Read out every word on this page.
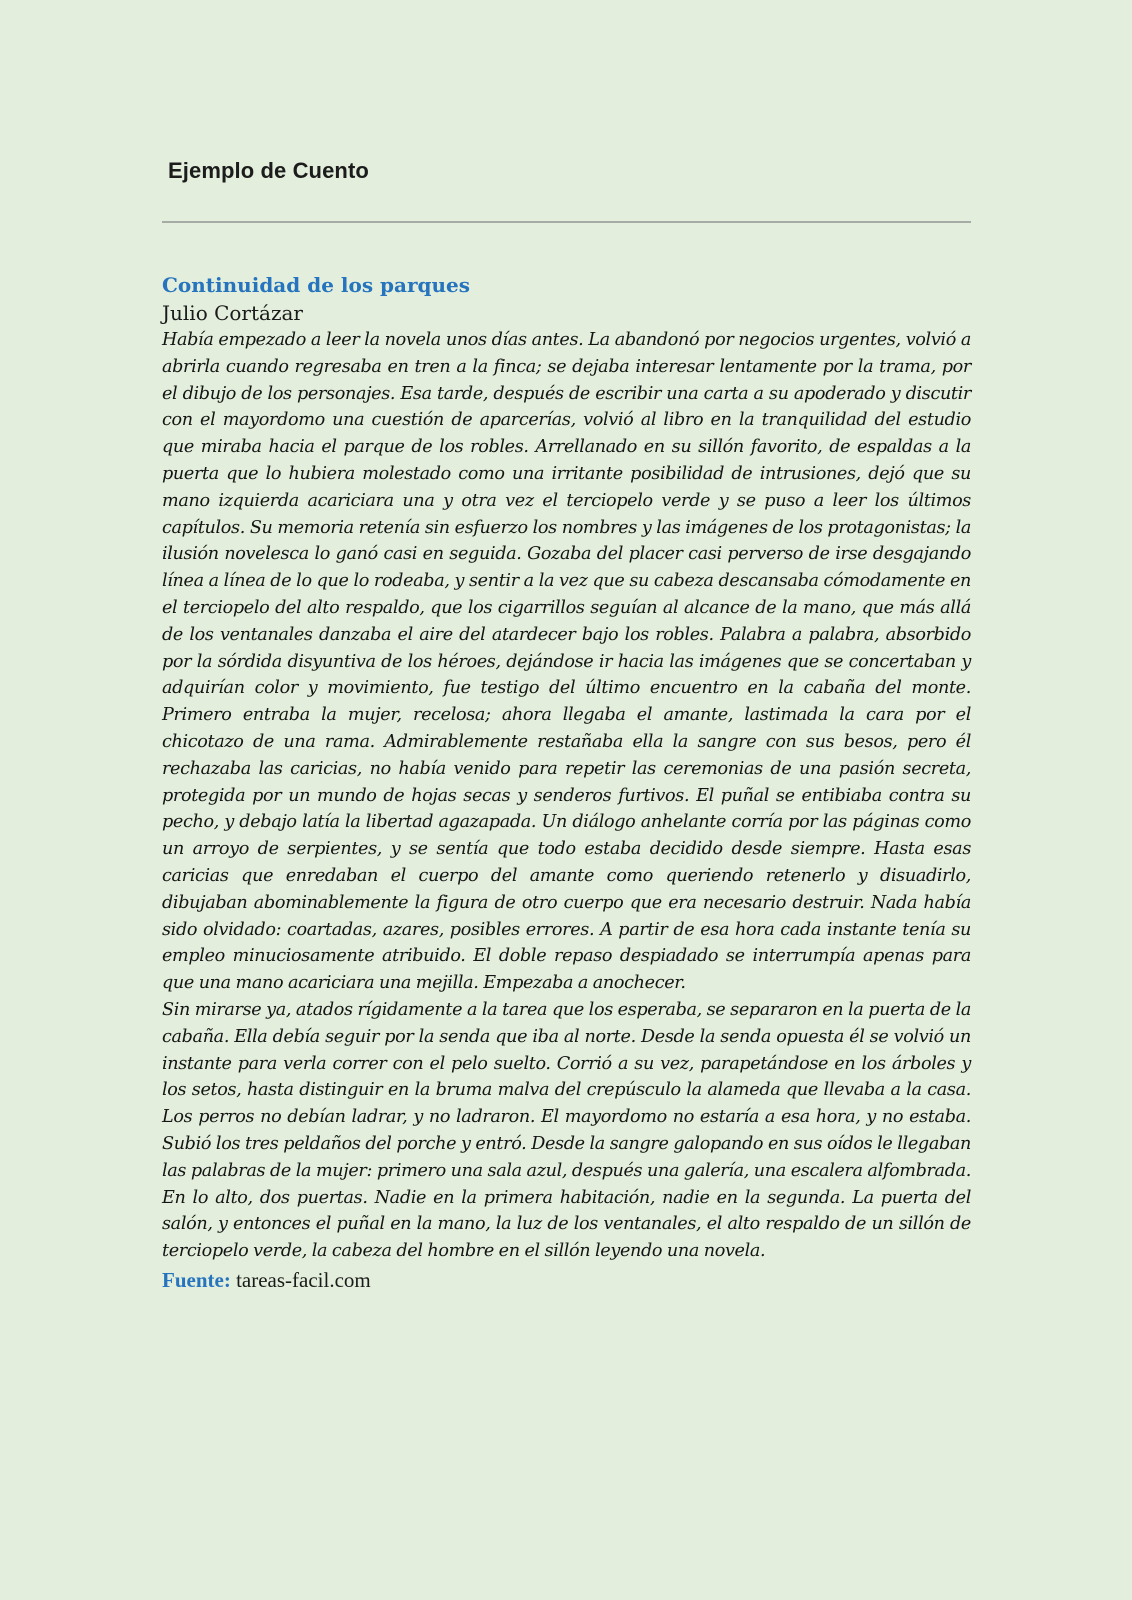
Ejemplo de Cuento
Continuidad de los parques

Julio Cortázar

Había empezado a leer la novela unos días antes. La abandonó por negocios urgentes, volvió a abrirla cuando regresaba en tren a la finca; se dejaba interesar lentamente por la trama, por el dibujo de los personajes. Esa tarde, después de escribir una carta a su apoderado y discutir con el mayordomo una cuestión de aparcerías, volvió al libro en la tranquilidad del estudio que miraba hacia el parque de los robles. Arrellanado en su sillón favorito, de espaldas a la puerta que lo hubiera molestado como una irritante posibilidad de intrusiones, dejó que su mano izquierda acariciara una y otra vez el terciopelo verde y se puso a leer los últimos capítulos. Su memoria retenía sin esfuerzo los nombres y las imágenes de los protagonistas; la ilusión novelesca lo ganó casi en seguida. Gozaba del placer casi perverso de irse desgajando línea a línea de lo que lo rodeaba, y sentir a la vez que su cabeza descansaba cómodamente en el terciopelo del alto respaldo, que los cigarrillos seguían al alcance de la mano, que más allá de los ventanales danzaba el aire del atardecer bajo los robles. Palabra a palabra, absorbido por la sórdida disyuntiva de los héroes, dejándose ir hacia las imágenes que se concertaban y adquirían color y movimiento, fue testigo del último encuentro en la cabaña del monte. Primero entraba la mujer, recelosa; ahora llegaba el amante, lastimada la cara por el chicotazo de una rama. Admirablemente restañaba ella la sangre con sus besos, pero él rechazaba las caricias, no había venido para repetir las ceremonias de una pasión secreta, protegida por un mundo de hojas secas y senderos furtivos. El puñal se entibiaba contra su pecho, y debajo latía la libertad agazapada. Un diálogo anhelante corría por las páginas como un arroyo de serpientes, y se sentía que todo estaba decidido desde siempre. Hasta esas caricias que enredaban el cuerpo del amante como queriendo retenerlo y disuadirlo, dibujaban abominablemente la figura de otro cuerpo que era necesario destruir. Nada había sido olvidado: coartadas, azares, posibles errores. A partir de esa hora cada instante tenía su empleo minuciosamente atribuido. El doble repaso despiadado se interrumpía apenas para que una mano acariciara una mejilla. Empezaba a anochecer.

Sin mirarse ya, atados rígidamente a la tarea que los esperaba, se separaron en la puerta de la cabaña. Ella debía seguir por la senda que iba al norte. Desde la senda opuesta él se volvió un instante para verla correr con el pelo suelto. Corrió a su vez, parapetándose en los árboles y los setos, hasta distinguir en la bruma malva del crepúsculo la alameda que llevaba a la casa. Los perros no debían ladrar, y no ladraron. El mayordomo no estaría a esa hora, y no estaba. Subió los tres peldaños del porche y entró. Desde la sangre galopando en sus oídos le llegaban las palabras de la mujer: primero una sala azul, después una galería, una escalera alfombrada. En lo alto, dos puertas. Nadie en la primera habitación, nadie en la segunda. La puerta del salón, y entonces el puñal en la mano, la luz de los ventanales, el alto respaldo de un sillón de terciopelo verde, la cabeza del hombre en el sillón leyendo una novela.

Fuente: tareas-facil.com
